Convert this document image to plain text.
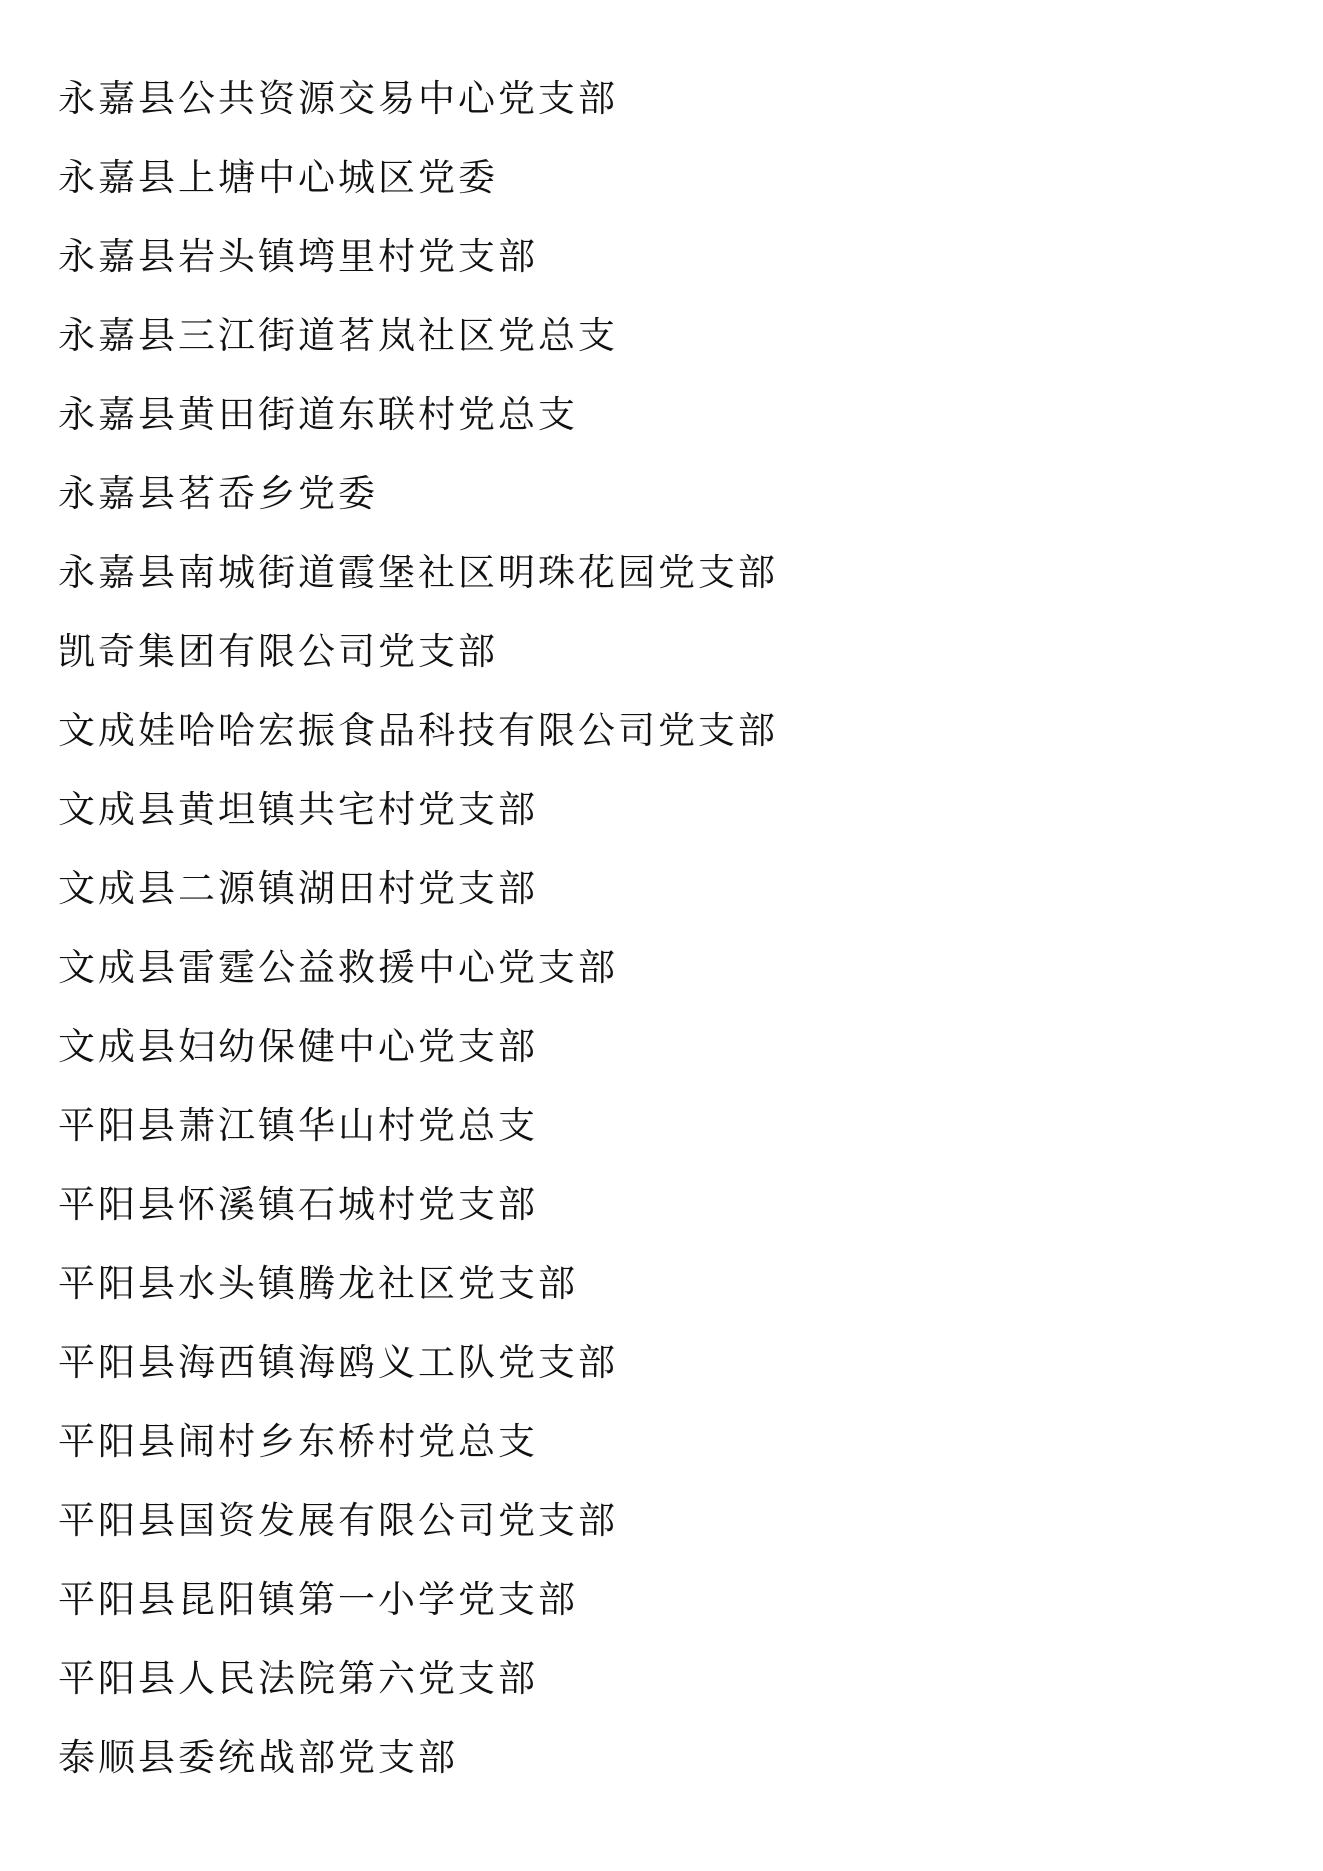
永嘉县公共资源交易中心党支部
永嘉县上塘中心城区党委
永嘉县岩头镇塆里村党支部
永嘉县三江街道茗岚社区党总支
永嘉县黄田街道东联村党总支
永嘉县茗岙乡党委
永嘉县南城街道霞堡社区明珠花园党支部
凯奇集团有限公司党支部
文成娃哈哈宏振食品科技有限公司党支部
文成县黄坦镇共宅村党支部
文成县二源镇湖田村党支部
文成县雷霆公益救援中心党支部
文成县妇幼保健中心党支部
平阳县萧江镇华山村党总支
平阳县怀溪镇石城村党支部
平阳县水头镇腾龙社区党支部
平阳县海西镇海鸥义工队党支部
平阳县闹村乡东桥村党总支
平阳县国资发展有限公司党支部
平阳县昆阳镇第一小学党支部
平阳县人民法院第六党支部
泰顺县委统战部党支部
